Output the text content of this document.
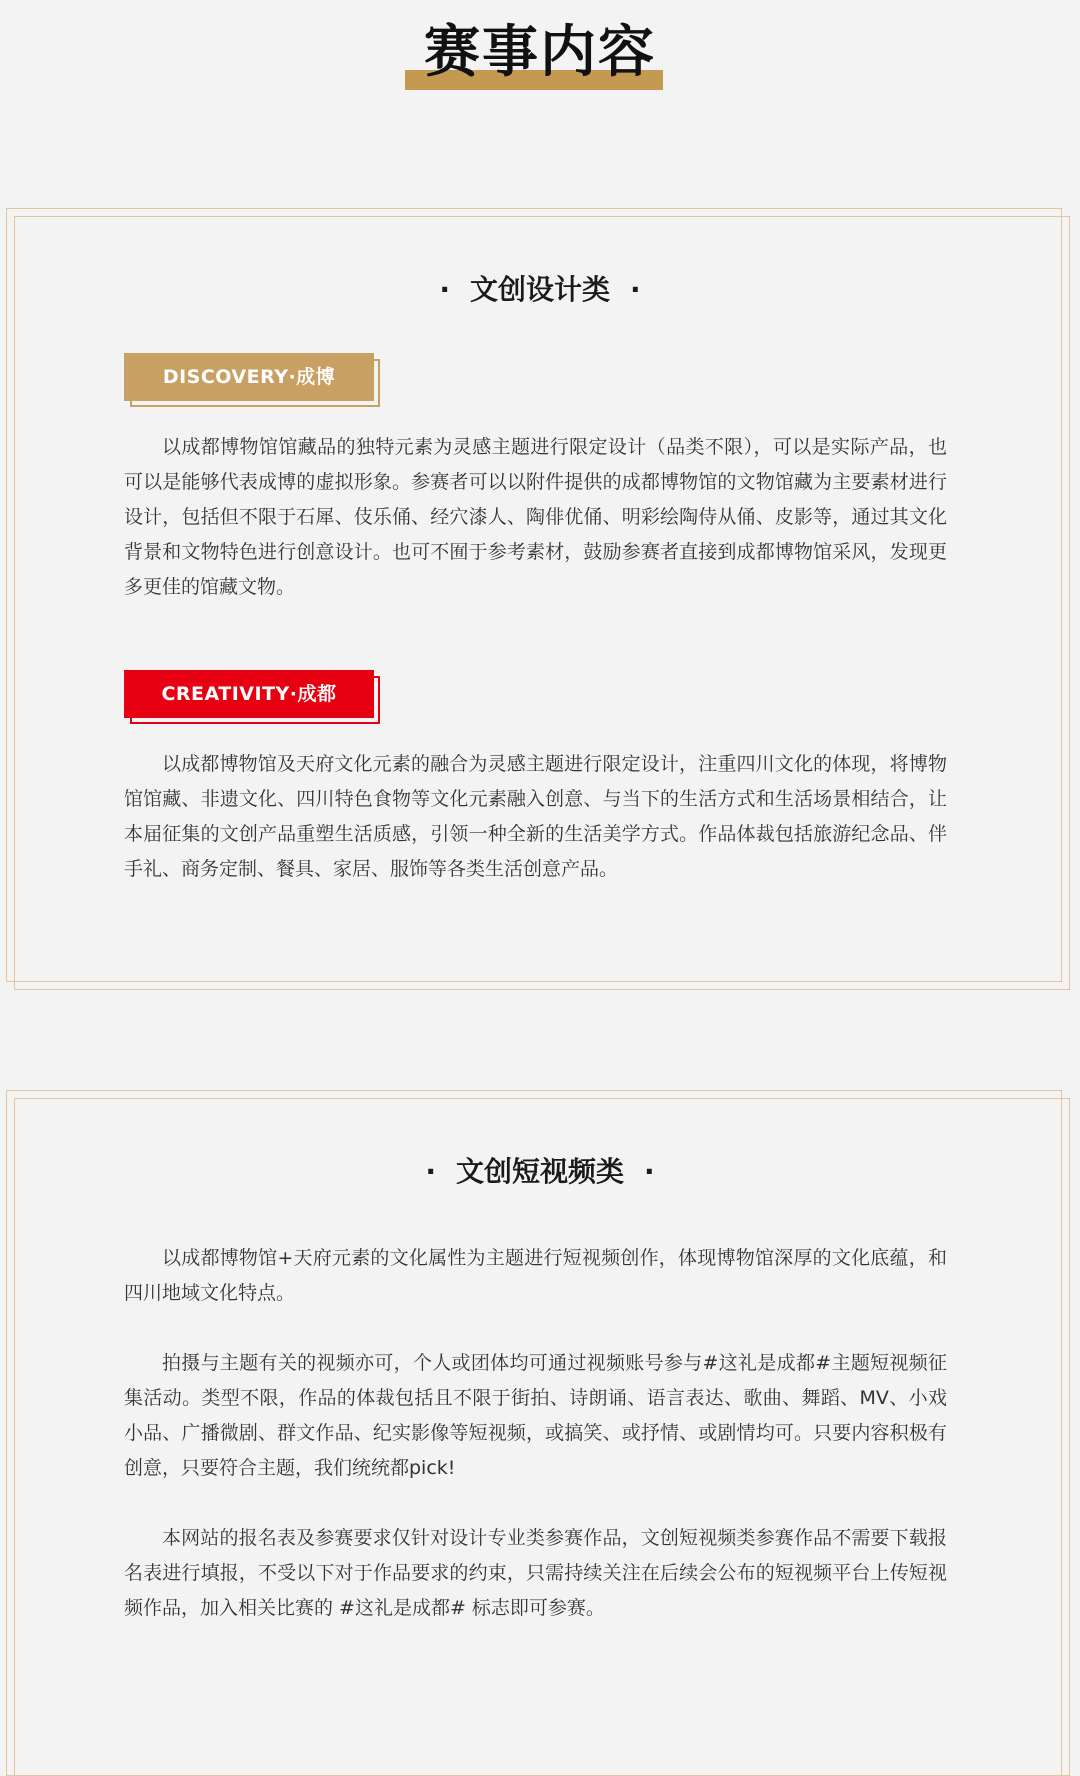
赛事内容
· 文创设计类 ·
DISCOVERY·成博

以成都博物馆馆藏品的独特元素为灵感主题进行限定设计（品类不限），可以是实际产品，也可以是能够代表成博的虚拟形象。参赛者可以以附件提供的成都博物馆的文物馆藏为主要素材进行设计，包括但不限于石犀、伎乐俑、经穴漆人、陶俳优俑、明彩绘陶侍从俑、皮影等，通过其文化背景和文物特色进行创意设计。也可不囿于参考素材，鼓励参赛者直接到成都博物馆采风，发现更多更佳的馆藏文物。

CREATIVITY·成都

以成都博物馆及天府文化元素的融合为灵感主题进行限定设计，注重四川文化的体现，将博物馆馆藏、非遗文化、四川特色食物等文化元素融入创意、与当下的生活方式和生活场景相结合，让本届征集的文创产品重塑生活质感，引领一种全新的生活美学方式。作品体裁包括旅游纪念品、伴手礼、商务定制、餐具、家居、服饰等各类生活创意产品。

· 文创短视频类 ·

以成都博物馆+天府元素的文化属性为主题进行短视频创作，体现博物馆深厚的文化底蕴，和四川地域文化特点。

拍摄与主题有关的视频亦可，个人或团体均可通过视频账号参与#这礼是成都#主题短视频征集活动。类型不限，作品的体裁包括且不限于街拍、诗朗诵、语言表达、歌曲、舞蹈、MV、小戏小品、广播微剧、群文作品、纪实影像等短视频，或搞笑、或抒情、或剧情均可。只要内容积极有创意，只要符合主题，我们统统都pick!

本网站的报名表及参赛要求仅针对设计专业类参赛作品，文创短视频类参赛作品不需要下载报名表进行填报，不受以下对于作品要求的约束，只需持续关注在后续会公布的短视频平台上传短视频作品，加入相关比赛的 #这礼是成都# 标志即可参赛。
